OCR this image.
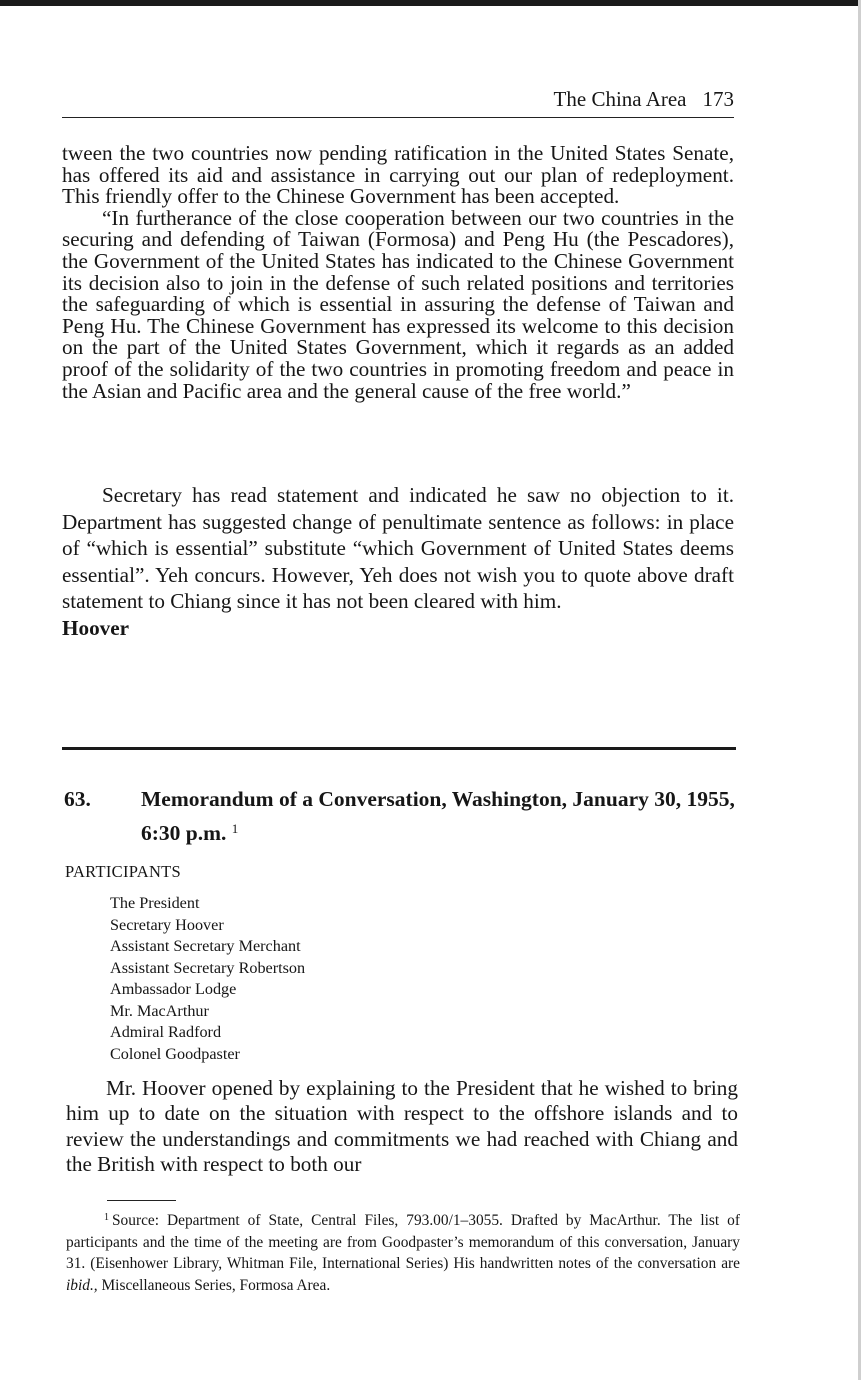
The China Area 173

tween the two countries now pending ratification in the United States Senate, has offered its aid and assistance in carrying out our plan of redeployment. This friendly offer to the Chinese Government has been accepted.

“In furtherance of the close cooperation between our two countries in the securing and defending of Taiwan (Formosa) and Peng Hu (the Pescadores), the Government of the United States has indicated to the Chinese Government its decision also to join in the defense of such related positions and territories the safeguarding of which is essential in assuring the defense of Taiwan and Peng Hu. The Chinese Government has expressed its welcome to this decision on the part of the United States Government, which it regards as an added proof of the solidarity of the two countries in promoting freedom and peace in the Asian and Pacific area and the general cause of the free world.”

Secretary has read statement and indicated he saw no objection to it. Department has suggested change of penultimate sentence as follows: in place of “which is essential” substitute “which Government of United States deems essential”. Yeh concurs. However, Yeh does not wish you to quote above draft statement to Chiang since it has not been cleared with him.

Hoover

63. Memorandum of a Conversation, Washington, January 30, 1955, 6:30 p.m. $^1$
PARTICIPANTS
The President
Secretary Hoover
Assistant Secretary Merchant
Assistant Secretary Robertson
Ambassador Lodge
Mr. MacArthur
Admiral Radford
Colonel Goodpaster

Mr. Hoover opened by explaining to the President that he wished to bring him up to date on the situation with respect to the offshore islands and to review the understandings and commitments we had reached with Chiang and the British with respect to both our

$^1$ Source: Department of State, Central Files, 793.00/1–3055. Drafted by MacArthur. The list of participants and the time of the meeting are from Goodpaster’s memorandum of this conversation, January 31. (Eisenhower Library, Whitman File, International Series) His handwritten notes of the conversation are ibid., Miscellaneous Series, Formosa Area.
